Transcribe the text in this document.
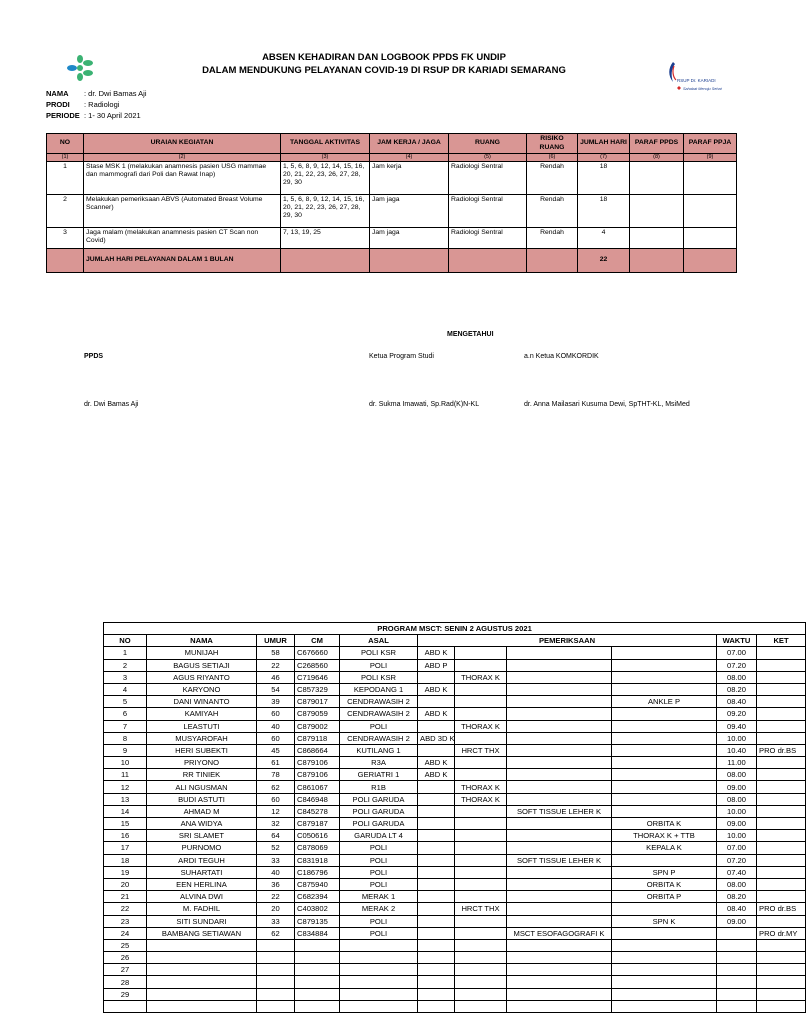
RSUP Dr. KARIADI
Sahabat Menuju Sehat
ABSEN KEHADIRAN DAN LOGBOOK PPDS FK UNDIP
DALAM MENDUKUNG PELAYANAN COVID-19 DI RSUP DR KARIADI SEMARANG
NAMA : dr. Dwi Bamas Aji
PRODI : Radiologi
PERIODE : 1- 30 April 2021
NO	URAIAN KEGIATAN	TANGGAL AKTIVITAS	JAM KERJA / JAGA	RUANG	RISIKO RUANG	JUMLAH HARI	PARAF PPDS	PARAF PPJA
(1)	(2)	(3)	(4)	(5)	(6)	(7)	(8)	(9)
1	Stase MSK 1 (melakukan anamnesis pasien USG mammae dan mammografi dari Poli dan Rawat Inap)	1, 5, 6, 8, 9, 12, 14, 15, 16, 20, 21, 22, 23, 26, 27, 28, 29, 30	Jam kerja	Radiologi Sentral	Rendah	18		
2	Melakukan pemeriksaan ABVS (Automated Breast Volume Scanner)	1, 5, 6, 8, 9, 12, 14, 15, 16, 20, 21, 22, 23, 26, 27, 28, 29, 30	Jam jaga	Radiologi Sentral	Rendah	18		
3	Jaga malam (melakukan anamnesis pasien CT Scan non Covid)	7, 13, 19, 25	Jam jaga	Radiologi Sentral	Rendah	4		
	JUMLAH HARI PELAYANAN DALAM 1 BULAN					22		
MENGETAHUI
PPDS	Ketua Program Studi	a.n Ketua KOMKORDIK
dr. Dwi Bamas Aji	dr. Sukma Imawati, Sp.Rad(K)N-KL	dr. Anna Mailasari Kusuma Dewi, SpTHT-KL, MsiMed
PROGRAM MSCT: SENIN 2 AGUSTUS 2021										
NO	NAMA	UMUR	CM	ASAL	PEMERIKSAAN				WAKTU	KET
1	MUNIJAH	58	C676660	POLI KSR	ABD K				07.00	
2	BAGUS SETIAJI	22	C268560	POLI	ABD P				07.20	
3	AGUS RIYANTO	46	C719646	POLI KSR		THORAX K			08.00	
4	KARYONO	54	C857329	KEPODANG 1	ABD K				08.20	
5	DANI WINANTO	39	C879017	CENDRAWASIH 2				ANKLE P	08.40	
6	KAMIYAH	60	C879059	CENDRAWASIH 2	ABD K				09.20	
7	LEASTUTI	40	C879002	POLI		THORAX K			09.40	
8	MUSYAROFAH	60	C879118	CENDRAWASIH 2	ABD 3D K				10.00	
9	HERI SUBEKTI	45	C868664	KUTILANG 1		HRCT THX			10.40	PRO dr.BS
10	PRIYONO	61	C879106	R3A	ABD K				11.00	
11	RR TINIEK	78	C879106	GERIATRI 1	ABD K				08.00	
12	ALI NGUSMAN	62	C861067	R1B		THORAX K			09.00	
13	BUDI ASTUTI	60	C846948	POLI GARUDA		THORAX K			08.00	
14	AHMAD M	12	C845278	POLI GARUDA			SOFT TISSUE LEHER K		10.00	
15	ANA WIDYA	32	C879187	POLI GARUDA				ORBITA K	09.00	
16	SRI SLAMET	64	C050616	GARUDA LT 4				THORAX K + TTB	10.00	
17	PURNOMO	52	C878069	POLI				KEPALA K	07.00	
18	ARDI TEGUH	33	C831918	POLI			SOFT TISSUE LEHER K		07.20	
19	SUHARTATI	40	C186796	POLI				SPN P	07.40	
20	EEN HERLINA	36	C875940	POLI				ORBITA K	08.00	
21	ALVINA DWI	22	C682394	MERAK 1				ORBITA P	08.20	
22	M. FADHIL	20	C403802	MERAK 2		HRCT THX			08.40	PRO dr.BS
23	SITI SUNDARI	33	C879135	POLI				SPN K	09.00	
24	BAMBANG SETIAWAN	62	C834884	POLI			MSCT ESOFAGOGRAFI K			PRO dr.MY
25										
26										
27										
28										
29										
